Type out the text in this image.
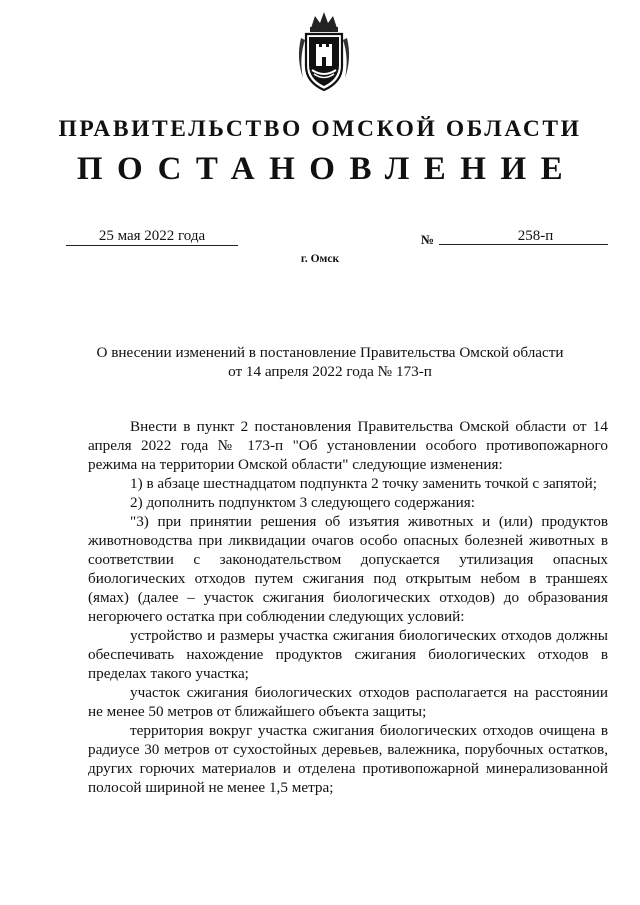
ПРАВИТЕЛЬСТВО ОМСКОЙ ОБЛАСТИ
ПОСТАНОВЛЕНИЕ
25 мая 2022 года	№	258-п
г. Омск
О внесении изменений в постановление Правительства Омской области
от 14 апреля 2022 года № 173-п

Внести в пункт 2 постановления Правительства Омской области от 14 апреля 2022 года № 173-п "Об установлении особого противопожарного режима на территории Омской области" следующие изменения:

1) в абзаце шестнадцатом подпункта 2 точку заменить точкой с запятой;

2) дополнить подпунктом 3 следующего содержания:

"3) при принятии решения об изъятия животных и (или) продуктов животноводства при ликвидации очагов особо опасных болезней животных в соответствии с законодательством допускается утилизация опасных биологических отходов путем сжигания под открытым небом в траншеях (ямах) (далее – участок сжигания биологических отходов) до образования негорючего остатка при соблюдении следующих условий:

устройство и размеры участка сжигания биологических отходов должны обеспечивать нахождение продуктов сжигания биологических отходов в пределах такого участка;

участок сжигания биологических отходов располагается на расстоянии не менее 50 метров от ближайшего объекта защиты;

территория вокруг участка сжигания биологических отходов очищена в радиусе 30 метров от сухостойных деревьев, валежника, порубочных остатков, других горючих материалов и отделена противопожарной минерализованной полосой шириной не менее 1,5 метра;
